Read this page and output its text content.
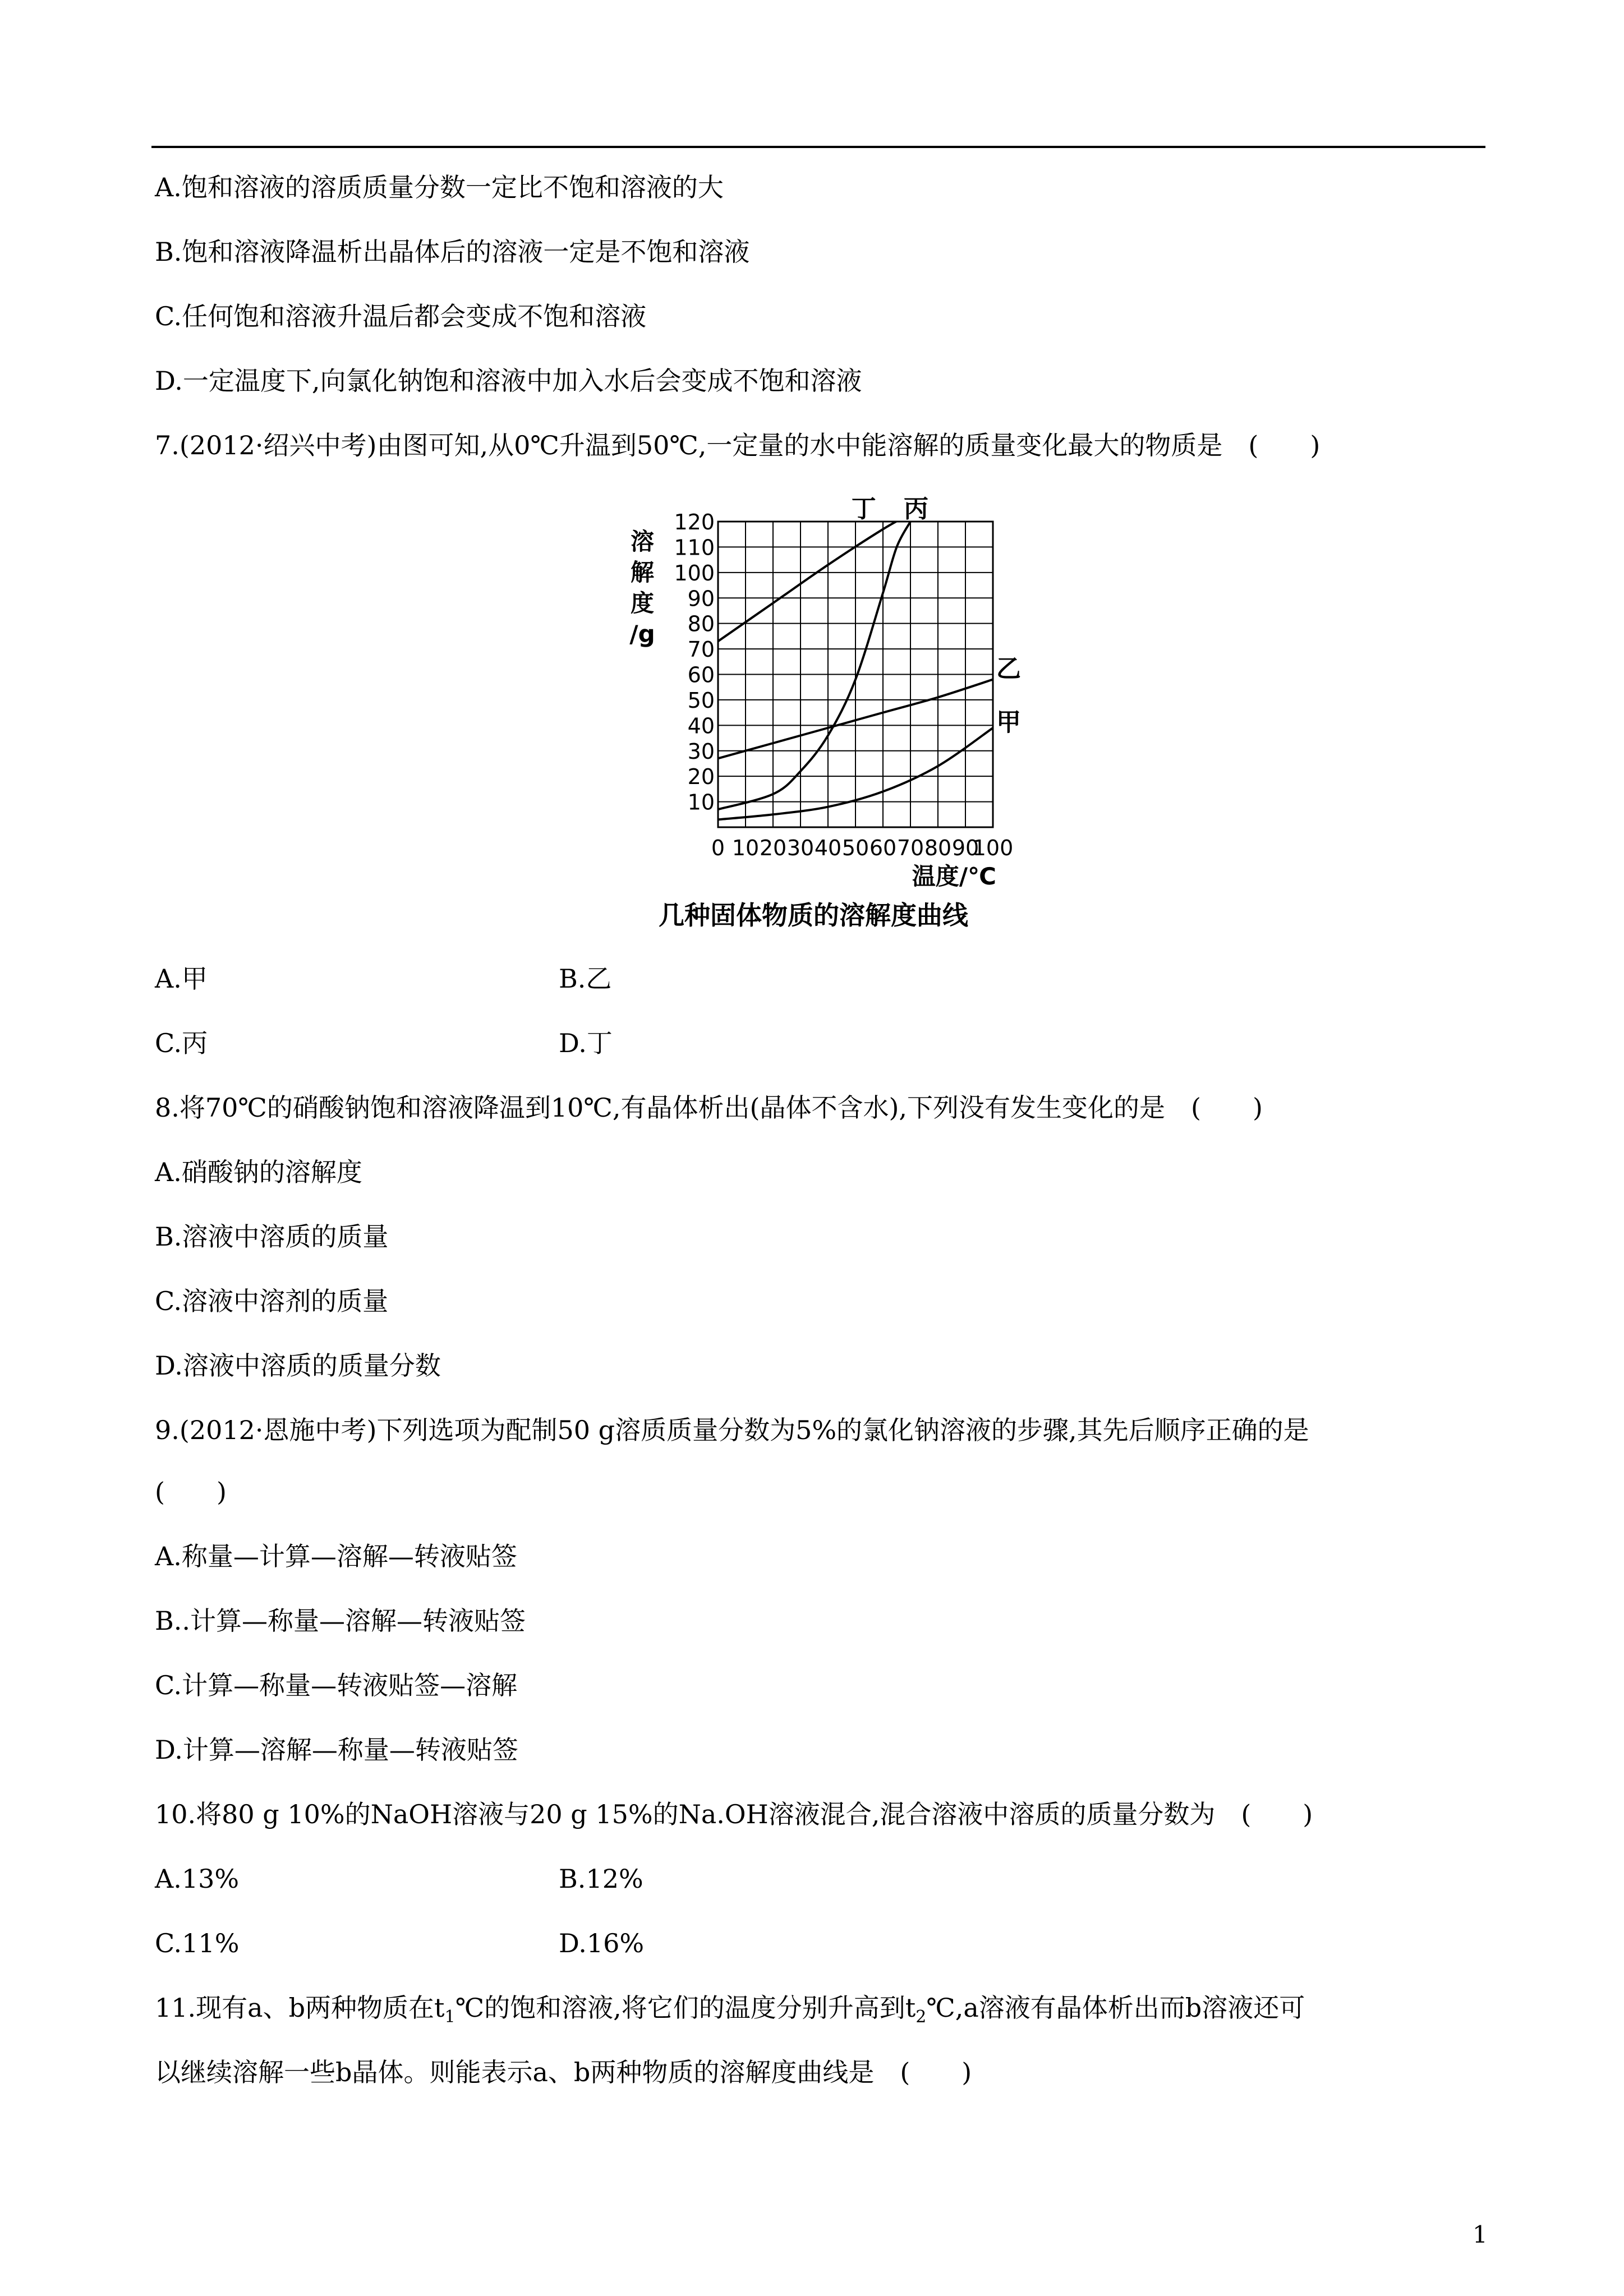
A.饱和溶液的溶质质量分数一定比不饱和溶液的大
B.饱和溶液降温析出晶体后的溶液一定是不饱和溶液
C.任何饱和溶液升温后都会变成不饱和溶液
D.一定温度下,向氯化钠饱和溶液中加入水后会变成不饱和溶液
7.(2012·绍兴中考)由图可知,从0℃升温到50℃,一定量的水中能溶解的质量变化最大的物质是　(　　)
0 10 20 30 40 50 60 70 80 90
100
10
20
30
40
50
60
70
80
90
100
110
120
溶
解
度
/g
温度/℃
甲
乙
丙
丁
几种固体物质的溶解度曲线
A.甲	B.乙
C.丙	D.丁
8.将70℃的硝酸钠饱和溶液降温到10℃,有晶体析出(晶体不含水),下列没有发生变化的是　(　　)
A.硝酸钠的溶解度
B.溶液中溶质的质量
C.溶液中溶剂的质量
D.溶液中溶质的质量分数
9.(2012·恩施中考)下列选项为配制50 g溶质质量分数为5%的氯化钠溶液的步骤,其先后顺序正确的是
(　　)
A.称量—计算—溶解—转液贴签
B..计算—称量—溶解—转液贴签
C.计算—称量—转液贴签—溶解
D.计算—溶解—称量—转液贴签
10.将80 g 10%的NaOH溶液与20 g 15%的Na.OH溶液混合,混合溶液中溶质的质量分数为　(　　)
A.13%	B.12%
C.11%	D.16%
11.现有a、b两种物质在$t_1℃$的饱和溶液,将它们的温度分别升高到$t_2℃,a$溶液有晶体析出而b溶液还可
以继续溶解一些b晶体。则能表示a、b两种物质的溶解度曲线是　(　　)
1
